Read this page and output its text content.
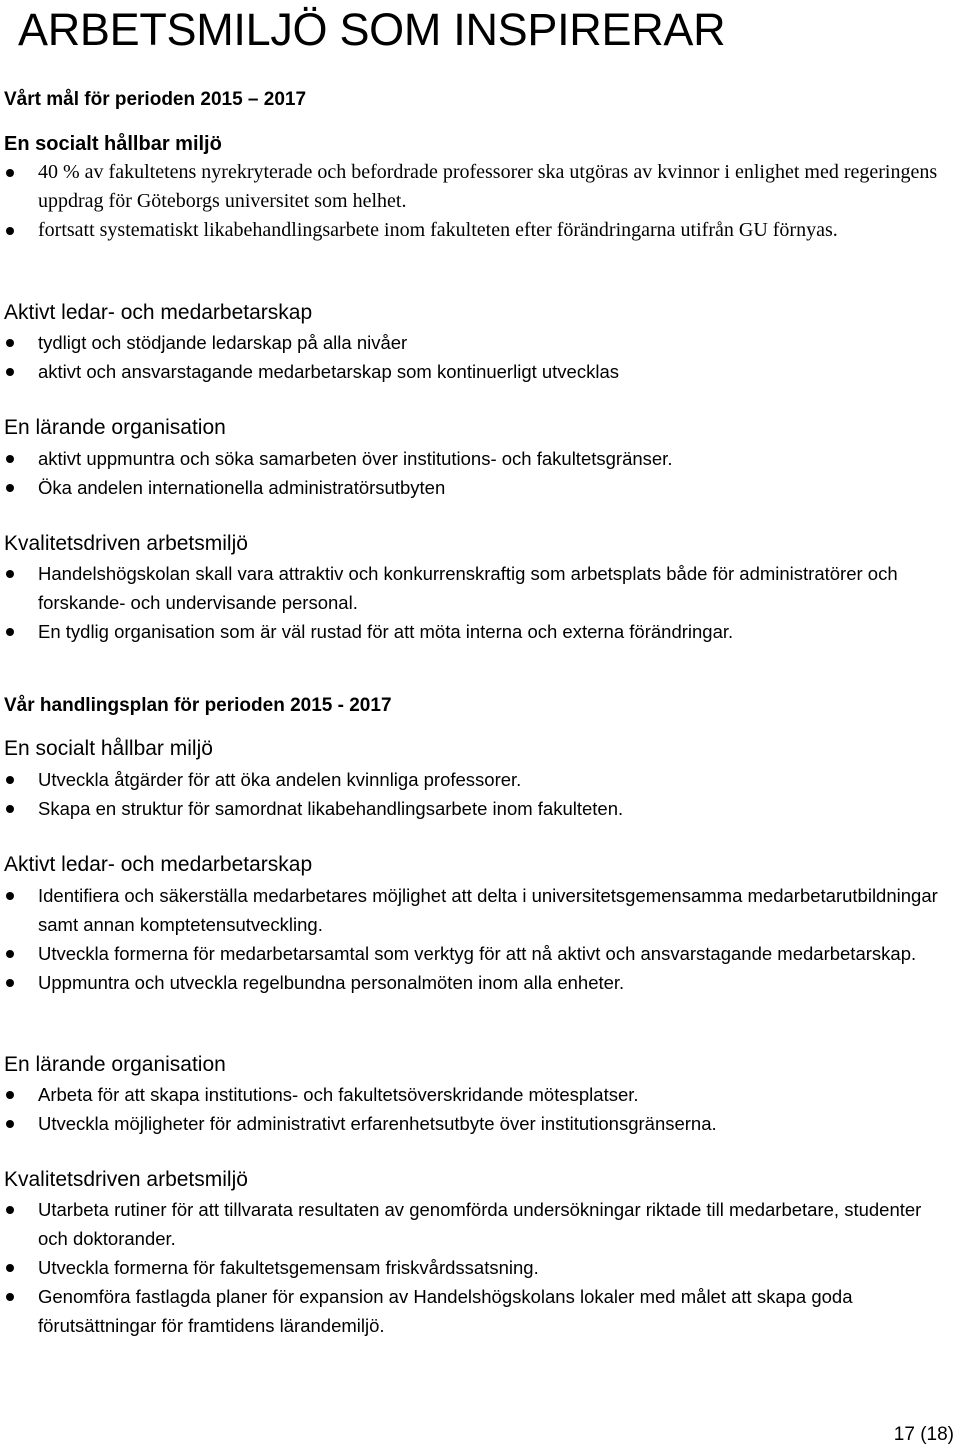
ARBETSMILJÖ SOM INSPIRERAR
Vårt mål för perioden 2015 – 2017
En socialt hållbar miljö
40 % av fakultetens nyrekryterade och befordrade professorer ska utgöras av kvinnor i enlighet med regeringens uppdrag för Göteborgs universitet som helhet.
fortsatt systematiskt likabehandlingsarbete inom fakulteten efter förändringarna utifrån GU förnyas.
Aktivt ledar- och medarbetarskap
tydligt och stödjande ledarskap på alla nivåer
aktivt och ansvarstagande medarbetarskap som kontinuerligt utvecklas
En lärande organisation
aktivt uppmuntra och söka samarbeten över institutions- och fakultetsgränser.
Öka andelen internationella administratörsutbyten
Kvalitetsdriven arbetsmiljö
Handelshögskolan skall vara attraktiv och konkurrenskraftig som arbetsplats både för administratörer och forskande- och undervisande personal.
En tydlig organisation som är väl rustad för att möta interna och externa förändringar.
Vår handlingsplan för perioden 2015 - 2017
En socialt hållbar miljö
Utveckla åtgärder för att öka andelen kvinnliga professorer.
Skapa en struktur för samordnat likabehandlingsarbete inom fakulteten.
Aktivt ledar- och medarbetarskap
Identifiera och säkerställa medarbetares möjlighet att delta i universitetsgemensamma medarbetarutbildningar samt annan komptetensutveckling.
Utveckla formerna för medarbetarsamtal som verktyg för att nå aktivt och ansvarstagande medarbetarskap.
Uppmuntra och utveckla regelbundna personalmöten inom alla enheter.
En lärande organisation
Arbeta för att skapa institutions- och fakultetsöverskridande mötesplatser.
Utveckla möjligheter för administrativt erfarenhetsutbyte över institutionsgränserna.
Kvalitetsdriven arbetsmiljö
Utarbeta rutiner för att tillvarata resultaten av genomförda undersökningar riktade till medarbetare, studenter och doktorander.
Utveckla formerna för fakultetsgemensam friskvårdssatsning.
Genomföra fastlagda planer för expansion av Handelshögskolans lokaler med målet att skapa goda förutsättningar för framtidens lärandemiljö.
17 (18)
